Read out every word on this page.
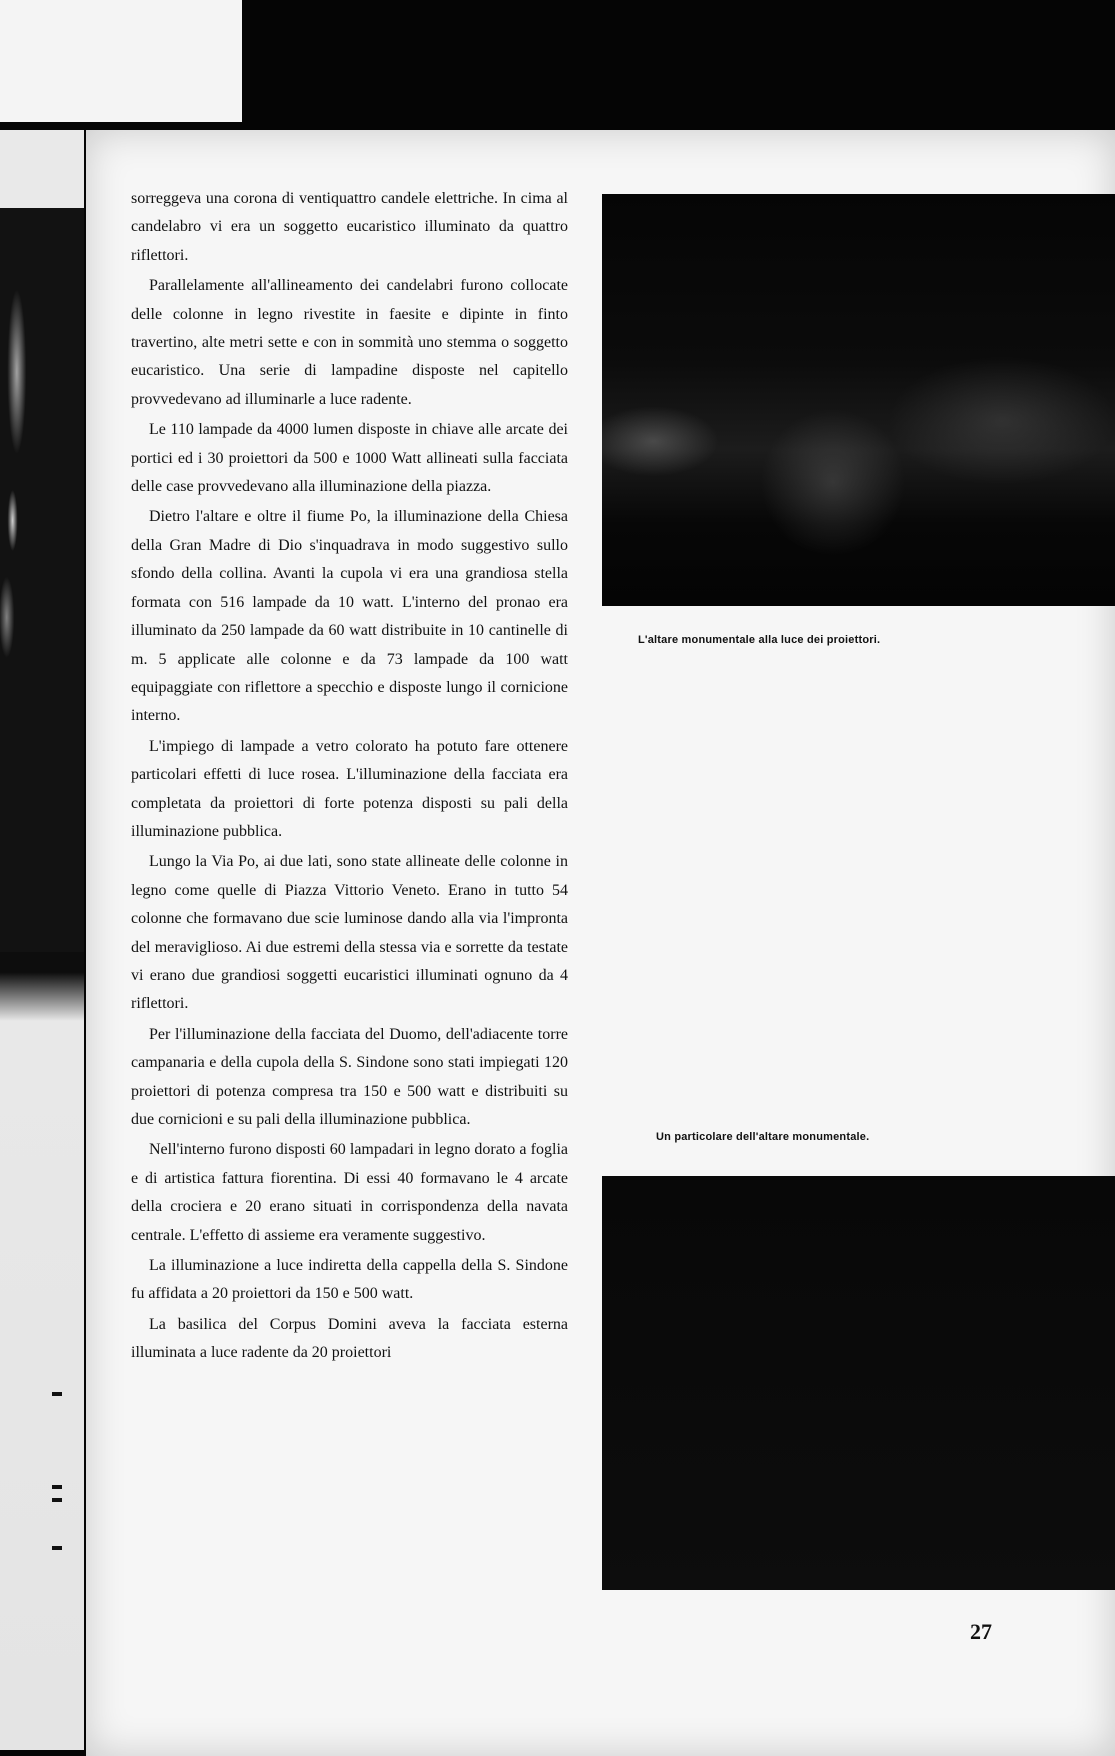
sorreggeva una corona di ventiquattro candele elettriche. In cima al candelabro vi era un soggetto eucaristico illuminato da quattro riflettori.

Parallelamente all'allineamento dei candelabri furono collocate delle colonne in legno rivestite in faesite e dipinte in finto travertino, alte metri sette e con in sommità uno stemma o soggetto eucaristico. Una serie di lampadine disposte nel capitello provvedevano ad illuminarle a luce radente.

Le 110 lampade da 4000 lumen disposte in chiave alle arcate dei portici ed i 30 proiettori da 500 e 1000 Watt allineati sulla facciata delle case provvedevano alla illuminazione della piazza.

Dietro l'altare e oltre il fiume Po, la illuminazione della Chiesa della Gran Madre di Dio s'inquadrava in modo suggestivo sullo sfondo della collina. Avanti la cupola vi era una grandiosa stella formata con 516 lampade da 10 watt. L'interno del pronao era illuminato da 250 lampade da 60 watt distribuite in 10 cantinelle di m. 5 applicate alle colonne e da 73 lampade da 100 watt equipaggiate con riflettore a specchio e disposte lungo il cornicione interno.

L'impiego di lampade a vetro colorato ha potuto fare ottenere particolari effetti di luce rosea. L'illuminazione della facciata era completata da proiettori di forte potenza disposti su pali della illuminazione pubblica.

Lungo la Via Po, ai due lati, sono state allineate delle colonne in legno come quelle di Piazza Vittorio Veneto. Erano in tutto 54 colonne che formavano due scie luminose dando alla via l'impronta del meraviglioso. Ai due estremi della stessa via e sorrette da testate vi erano due grandiosi soggetti eucaristici illuminati ognuno da 4 riflettori.

Per l'illuminazione della facciata del Duomo, dell'adiacente torre campanaria e della cupola della S. Sindone sono stati impiegati 120 proiettori di potenza compresa tra 150 e 500 watt e distribuiti su due cornicioni e su pali della illuminazione pubblica.

Nell'interno furono disposti 60 lampadari in legno dorato a foglia e di artistica fattura fiorentina. Di essi 40 formavano le 4 arcate della crociera e 20 erano situati in corrispondenza della navata centrale. L'effetto di assieme era veramente suggestivo.

La illuminazione a luce indiretta della cappella della S. Sindone fu affidata a 20 proiettori da 150 e 500 watt.

La basilica del Corpus Domini aveva la facciata esterna illuminata a luce radente da 20 proiettori

L'altare monumentale alla luce dei proiettori.
Un particolare dell'altare monumentale.
27
